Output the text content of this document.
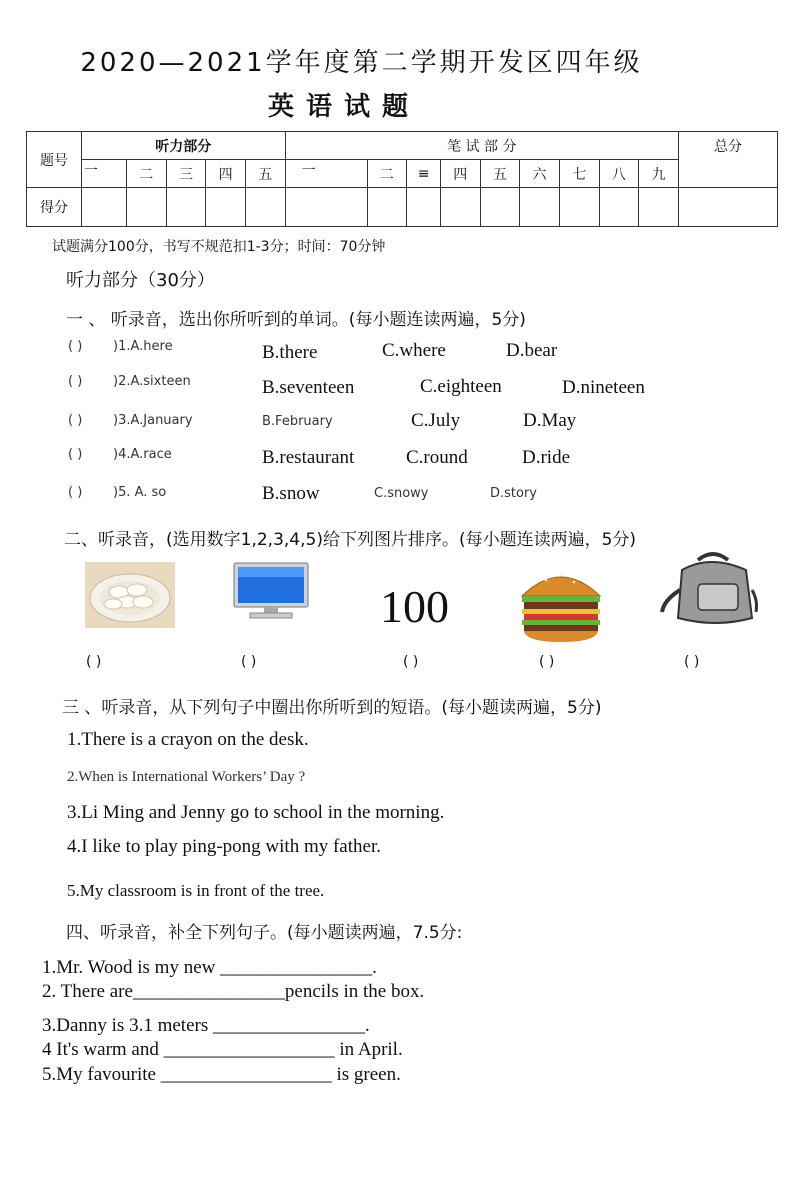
2020—2021学年度第二学期开发区四年级
英语试题
题号	听力部分					笔 试 部 分									总分
	一	二	三	四	五	一	二	≡	四	五	六	七	八	九	
得分															
试题满分100分，书写不规范扣1-3分；时间：70分钟
听力部分（30分）
一 、 听录音，选出你所听到的单词。(每小题连读两遍，5分)
( ) )1.A.here	B.there	C.where	D.bear
( ) )2.A.sixteen	B.seventeen	C.eighteen	D.nineteen
( ) )3.A.January	B.February	C.July	D.May
( ) )4.A.race	B.restaurant	C.round	D.ride
( ) )5. A. so	B.snow	C.snowy	D.story
二、听录音，(选用数字1,2,3,4,5)给下列图片排序。(每小题连读两遍，5分)
100
( )	( )	( )	( )	( )
三 、听录音，从下列句子中圈出你所听到的短语。(每小题读两遍，5分)
1.There is a crayon on the desk.
2.When is International Workers’ Day ?
3.Li Ming and Jenny go to school in the morning.
4.I like to play ping-pong with my father.
5.My classroom is in front of the tree.
四、听录音，补全下列句子。(每小题读两遍，7.5分:
1.Mr. Wood is my new ________________.
2. There are________________pencils in the box.
3.Danny is 3.1 meters ________________.
4 It's warm and __________________ in April.
5.My favourite __________________ is green.
